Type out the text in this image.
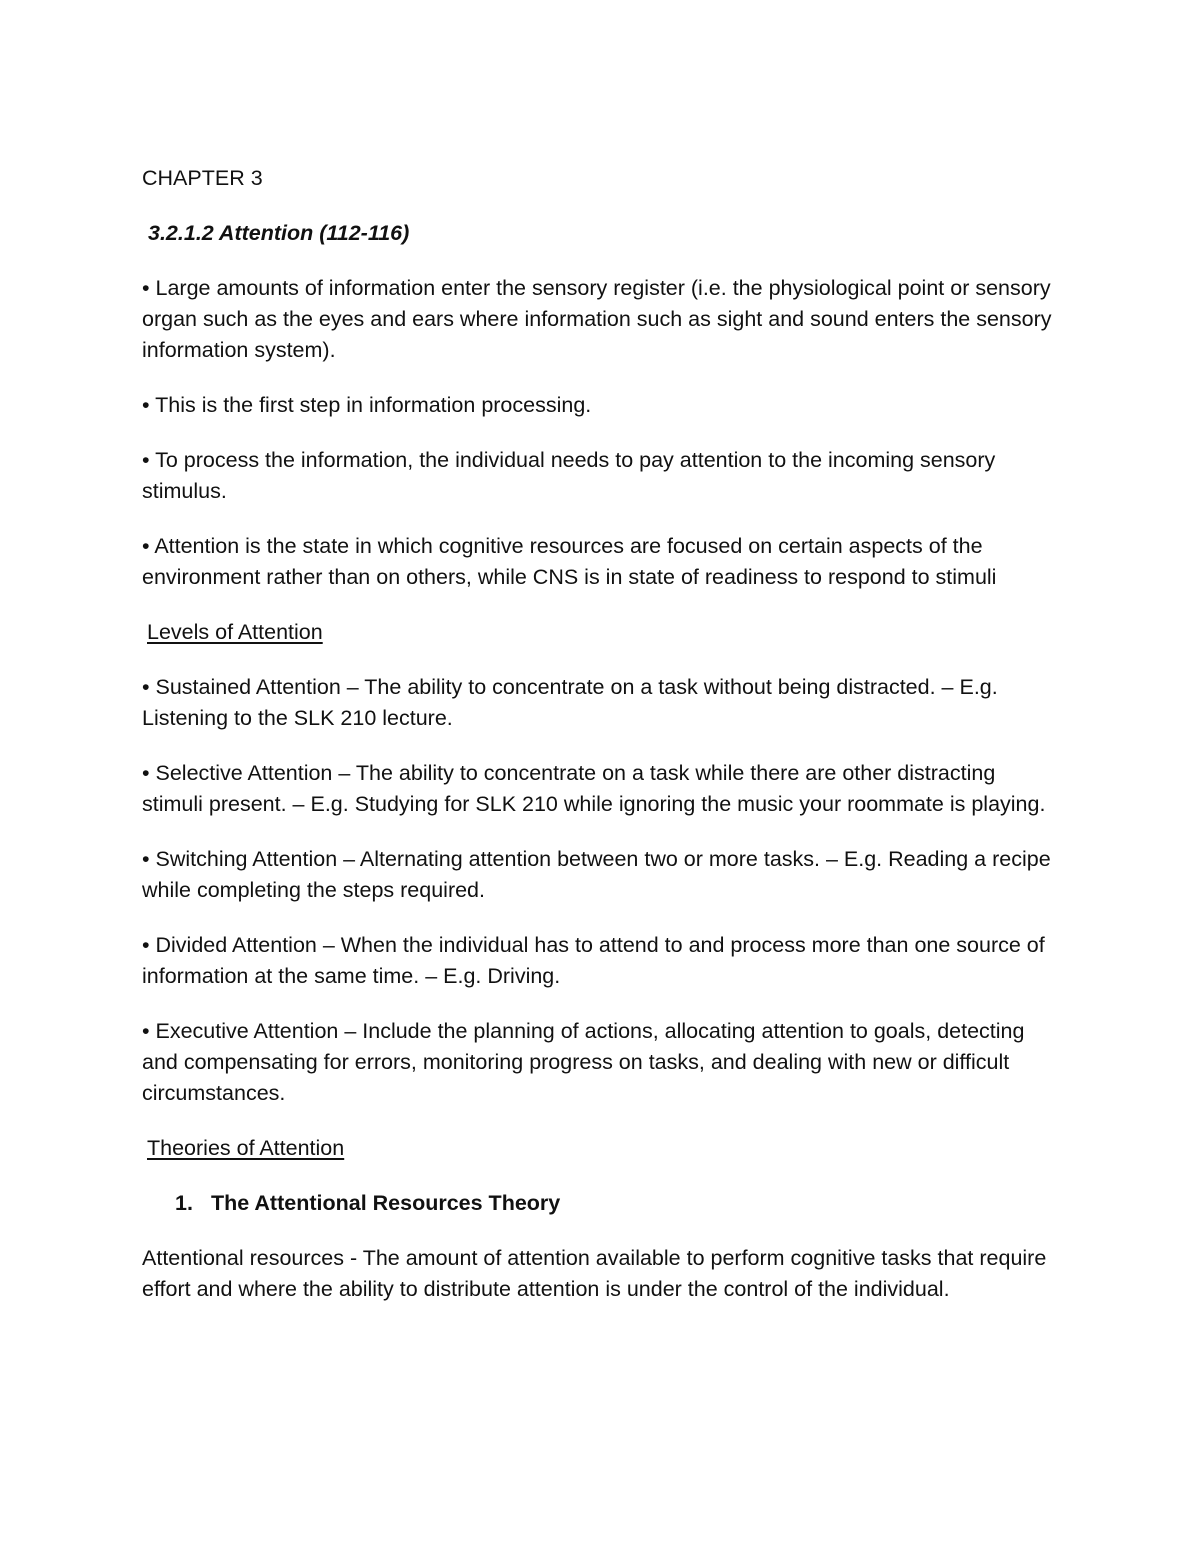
CHAPTER 3

3.2.1.2 Attention (112-116)

• Large amounts of information enter the sensory register (i.e. the physiological point or sensory organ such as the eyes and ears where information such as sight and sound enters the sensory information system).

• This is the first step in information processing.

• To process the information, the individual needs to pay attention to the incoming sensory stimulus.

• Attention is the state in which cognitive resources are focused on certain aspects of the environment rather than on others, while CNS is in state of readiness to respond to stimuli

Levels of Attention

• Sustained Attention – The ability to concentrate on a task without being distracted. – E.g. Listening to the SLK 210 lecture.

• Selective Attention – The ability to concentrate on a task while there are other distracting stimuli present. – E.g. Studying for SLK 210 while ignoring the music your roommate is playing.

• Switching Attention – Alternating attention between two or more tasks. – E.g. Reading a recipe while completing the steps required.

• Divided Attention – When the individual has to attend to and process more than one source of information at the same time. – E.g. Driving.

• Executive Attention – Include the planning of actions, allocating attention to goals, detecting and compensating for errors, monitoring progress on tasks, and dealing with new or difficult circumstances.

Theories of Attention

1. The Attentional Resources Theory

Attentional resources - The amount of attention available to perform cognitive tasks that require effort and where the ability to distribute attention is under the control of the individual.
